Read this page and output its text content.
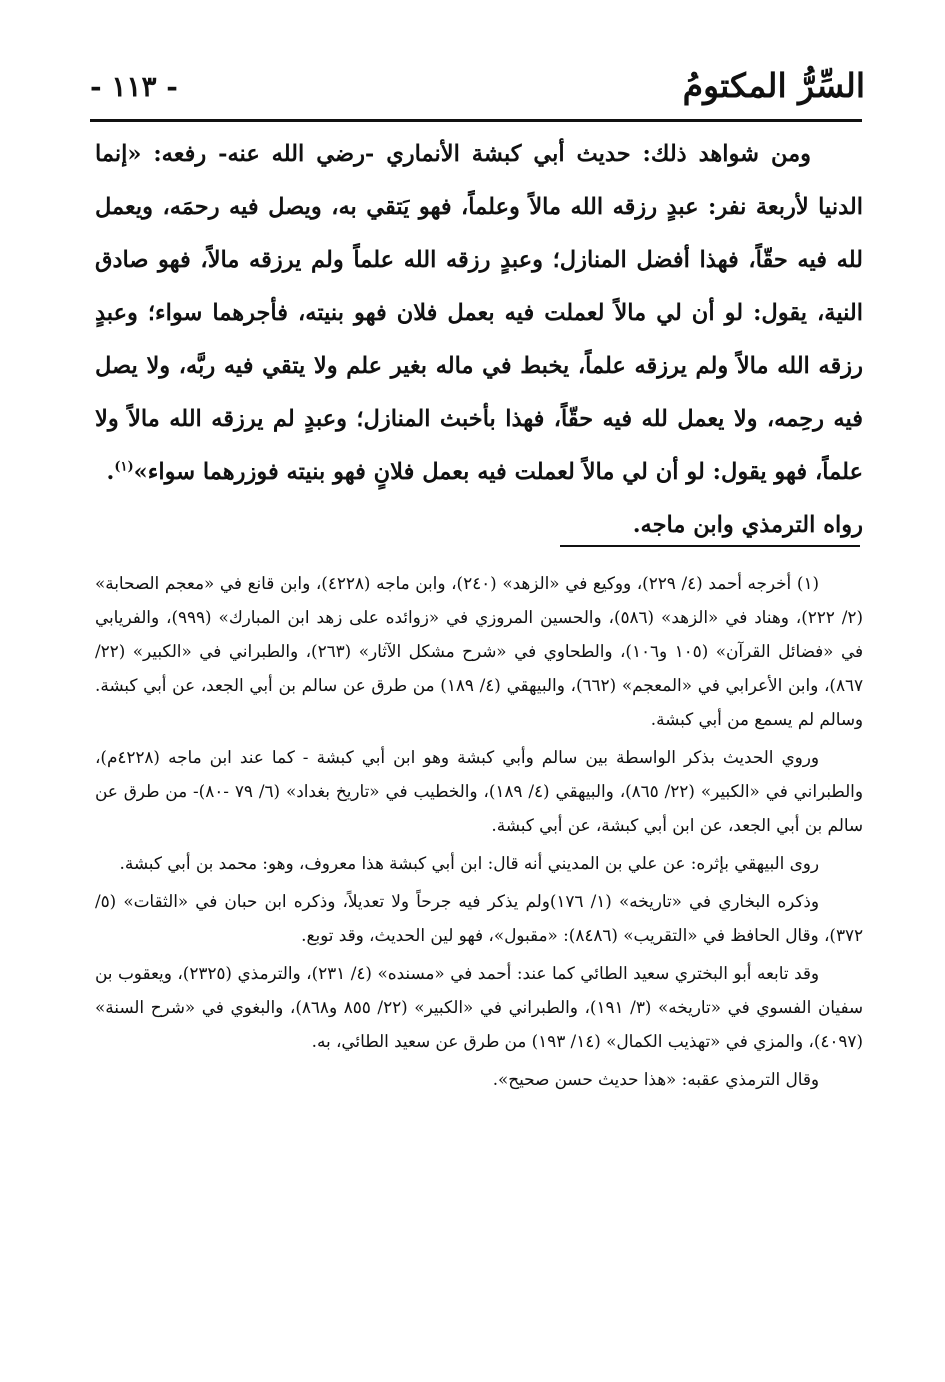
السِّرُّ المكتومُ
- ١١٣ -

ومن شواهد ذلك: حديث أبي كبشة الأنماري -رضي الله عنه- رفعه: «إنما الدنيا لأربعة نفر: عبدٍ رزقه الله مالاً وعلماً، فهو يَتقي به، ويصل فيه رحمَه، ويعمل لله فيه حقّاً، فهذا أفضل المنازل؛ وعبدٍ رزقه الله علماً ولم يرزقه مالاً، فهو صادق النية، يقول: لو أن لي مالاً لعملت فيه بعمل فلان فهو بنيته، فأجرهما سواء؛ وعبدٍ رزقه الله مالاً ولم يرزقه علماً، يخبط في ماله بغير علم ولا يتقي فيه ربَّه، ولا يصل فيه رحِمه، ولا يعمل لله فيه حقّاً، فهذا بأخبث المنازل؛ وعبدٍ لم يرزقه الله مالاً ولا علماً، فهو يقول: لو أن لي مالاً لعملت فيه بعمل فلانٍ فهو بنيته فوزرهما سواء»$^{(١)}$.

رواه الترمذي وابن ماجه.

(١) أخرجه أحمد (٤/ ٢٢٩)، ووكيع في «الزهد» (٢٤٠)، وابن ماجه (٤٢٢٨)، وابن قانع في «معجم الصحابة» (٢/ ٢٢٢)، وهناد في «الزهد» (٥٨٦)، والحسين المروزي في «زوائده على زهد ابن المبارك» (٩٩٩)، والفريابي في «فضائل القرآن» (١٠٥ و١٠٦)، والطحاوي في «شرح مشكل الآثار» (٢٦٣)، والطبراني في «الكبير» (٢٢/ ٨٦٧)، وابن الأعرابي في «المعجم» (٦٦٢)، والبيهقي (٤/ ١٨٩) من طرق عن سالم بن أبي الجعد، عن أبي كبشة. وسالم لم يسمع من أبي كبشة.

وروي الحديث بذكر الواسطة بين سالم وأبي كبشة وهو ابن أبي كبشة - كما عند ابن ماجه (٤٢٢٨م)، والطبراني في «الكبير» (٢٢/ ٨٦٥)، والبيهقي (٤/ ١٨٩)، والخطيب في «تاريخ بغداد» (٦/ ٧٩ -٨٠)- من طرق عن سالم بن أبي الجعد، عن ابن أبي كبشة، عن أبي كبشة.

روى البيهقي بإثره: عن علي بن المديني أنه قال: ابن أبي كبشة هذا معروف، وهو: محمد بن أبي كبشة.

وذكره البخاري في «تاريخه» (١/ ١٧٦)ولم يذكر فيه جرحاً ولا تعديلاً، وذكره ابن حبان في «الثقات» (٥/ ٣٧٢)، وقال الحافظ في «التقريب» (٨٤٨٦): «مقبول»، فهو لين الحديث، وقد توبع.

وقد تابعه أبو البختري سعيد الطائي كما عند: أحمد في «مسنده» (٤/ ٢٣١)، والترمذي (٢٣٢٥)، ويعقوب بن سفيان الفسوي في «تاريخه» (٣/ ١٩١)، والطبراني في «الكبير» (٢٢/ ٨٥٥ و٨٦٨)، والبغوي في «شرح السنة» (٤٠٩٧)، والمزي في «تهذيب الكمال» (١٤/ ١٩٣) من طرق عن سعيد الطائي، به.

وقال الترمذي عقبه: «هذا حديث حسن صحيح».
